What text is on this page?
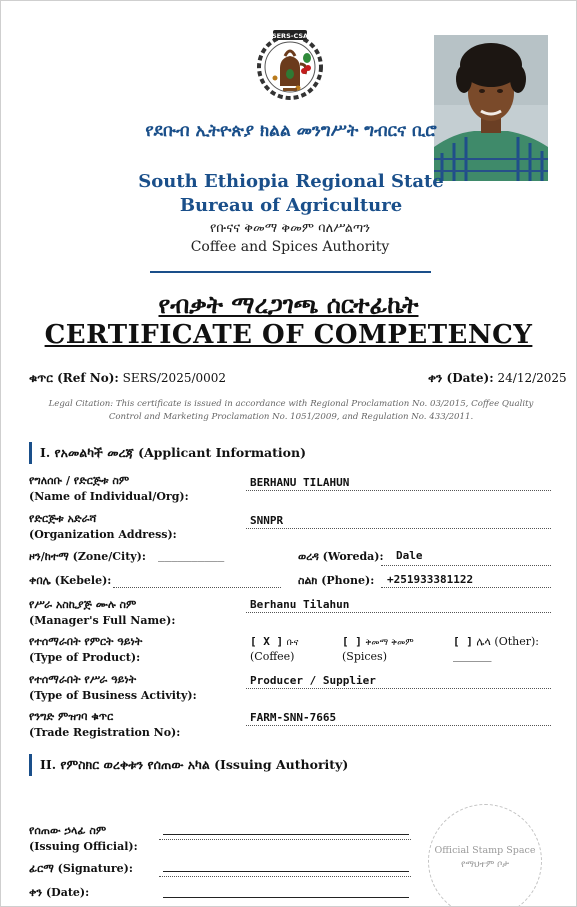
SERS-CSA
የደቡብ ኢትዮጵያ ክልል መንግሥት ግብርና ቢሮ
South Ethiopia Regional State
Bureau of Agriculture
የቡናና ቅመማ ቅመም ባለሥልጣን
Coffee and Spices Authority
የብቃት ማረጋገጫ ሰርተፊኬት
CERTIFICATE OF COMPETENCY
ቁጥር (Ref No): SERS/2025/0002	ቀን (Date): 24/12/2025
Legal Citation: This certificate is issued in accordance with Regional Proclamation No. 03/2015, Coffee Quality Control and Marketing Proclamation No. 1051/2009, and Regulation No. 433/2011.
I. የአመልካች መረጃ (Applicant Information)
የግለሰቡ / የድርጅቱ ስም
(Name of Individual/Org):
BERHANU TILAHUN
የድርጅቱ አድራሻ
(Organization Address):
SNNPR
ዞን/ከተማ (Zone/City): __________	ወረዳ (Woreda): Dale
ቀበሌ (Kebele):	ስልክ (Phone): +251933381122
የሥራ አስኪያጅ ሙሉ ስም
(Manager's Full Name):
Berhanu Tilahun
የተሰማራበት የምርት ዓይነት
(Type of Product):
[ X ] ቡና
(Coffee)
[ ] ቅመማ ቅመም
(Spices)
[ ] ሌላ (Other):
_______
የተሰማራበት የሥራ ዓይነት
(Type of Business Activity):
Producer / Supplier
የንግድ ምዝገባ ቁጥር
(Trade Registration No):
FARM-SNN-7665
II. የምስክር ወረቀቱን የሰጠው አካል (Issuing Authority)
የሰጠው ኃላፊ ስም
(Issuing Official):
ፊርማ (Signature):
ቀን (Date):
Official Stamp Space
የማህተም ቦታ
